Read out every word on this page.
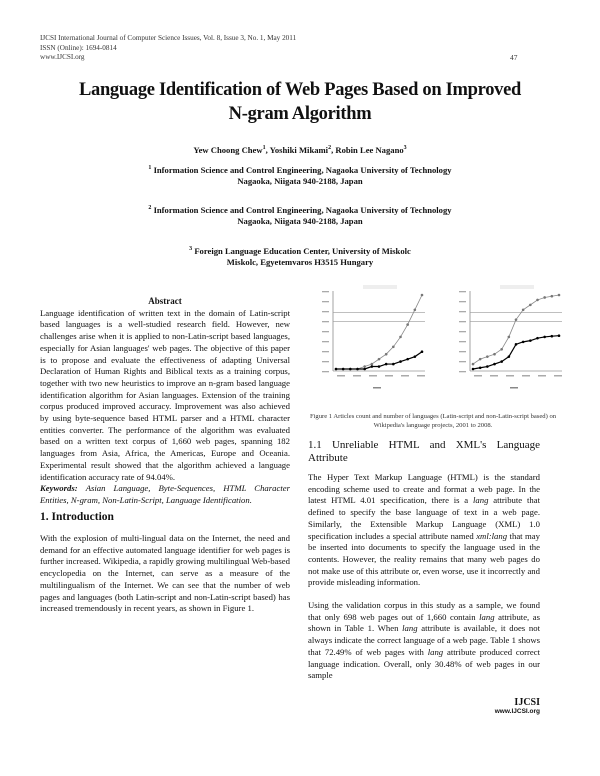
IJCSI International Journal of Computer Science Issues, Vol. 8, Issue 3, No. 1, May 2011
ISSN (Online): 1694-0814
www.IJCSI.org	47
Language Identification of Web Pages Based on Improved
N-gram Algorithm
Yew Choong Chew$^1$, Yoshiki Mikami$^2$, Robin Lee Nagano$^3$
$^1$ Information Science and Control Engineering, Nagaoka University of Technology
Nagaoka, Niigata 940-2188, Japan
$^2$ Information Science and Control Engineering, Nagaoka University of Technology
Nagaoka, Niigata 940-2188, Japan
$^3$ Foreign Language Education Center, University of Miskolc
Miskolc, Egyetemvaros H3515 Hungary
Abstract

Language identification of written text in the domain of Latin-script based languages is a well-studied research field. However, new challenges arise when it is applied to non-Latin-script based languages, especially for Asian languages' web pages. The objective of this paper is to propose and evaluate the effectiveness of adapting Universal Declaration of Human Rights and Biblical texts as a training corpus, together with two new heuristics to improve an n-gram based language identification algorithm for Asian languages. Extension of the training corpus produced improved accuracy. Improvement was also achieved by using byte-sequence based HTML parser and a HTML character entities converter. The performance of the algorithm was evaluated based on a written text corpus of 1,660 web pages, spanning 182 languages from Asia, Africa, the Americas, Europe and Oceania. Experimental result showed that the algorithm achieved a language identification accuracy rate of 94.04%.

Keywords: Asian Language, Byte-Sequences, HTML Character Entities, N-gram, Non-Latin-Script, Language Identification.

1. Introduction
With the explosion of multi-lingual data on the Internet, the need and demand for an effective automated language identifier for web pages is further increased. Wikipedia, a rapidly growing multilingual Web-based encyclopedia on the Internet, can serve as a measure of the multilingualism of the Internet. We can see that the number of web pages and languages (both Latin-script and non-Latin-script based) has increased tremendously in recent years, as shown in Figure 1.
Figure 1 Articles count and number of languages (Latin-script and non-Latin-script based) on Wikipedia's language projects, 2001 to 2008.
1.1 Unreliable HTML and XML's Language Attribute

The Hyper Text Markup Language (HTML) is the standard encoding scheme used to create and format a web page. In the latest HTML 4.01 specification, there is a lang attribute that defined to specify the base language of text in a web page. Similarly, the Extensible Markup Language (XML) 1.0 specification includes a special attribute named xml:lang that may be inserted into documents to specify the language used in the contents. However, the reality remains that many web pages do not make use of this attribute or, even worse, use it incorrectly and provide misleading information.

Using the validation corpus in this study as a sample, we found that only 698 web pages out of 1,660 contain lang attribute, as shown in Table 1. When lang attribute is available, it does not always indicate the correct language of a web page. Table 1 shows that 72.49% of web pages with lang attribute produced correct language indication. Overall, only 30.48% of web pages in our sample

IJCSI
www.IJCSI.org
